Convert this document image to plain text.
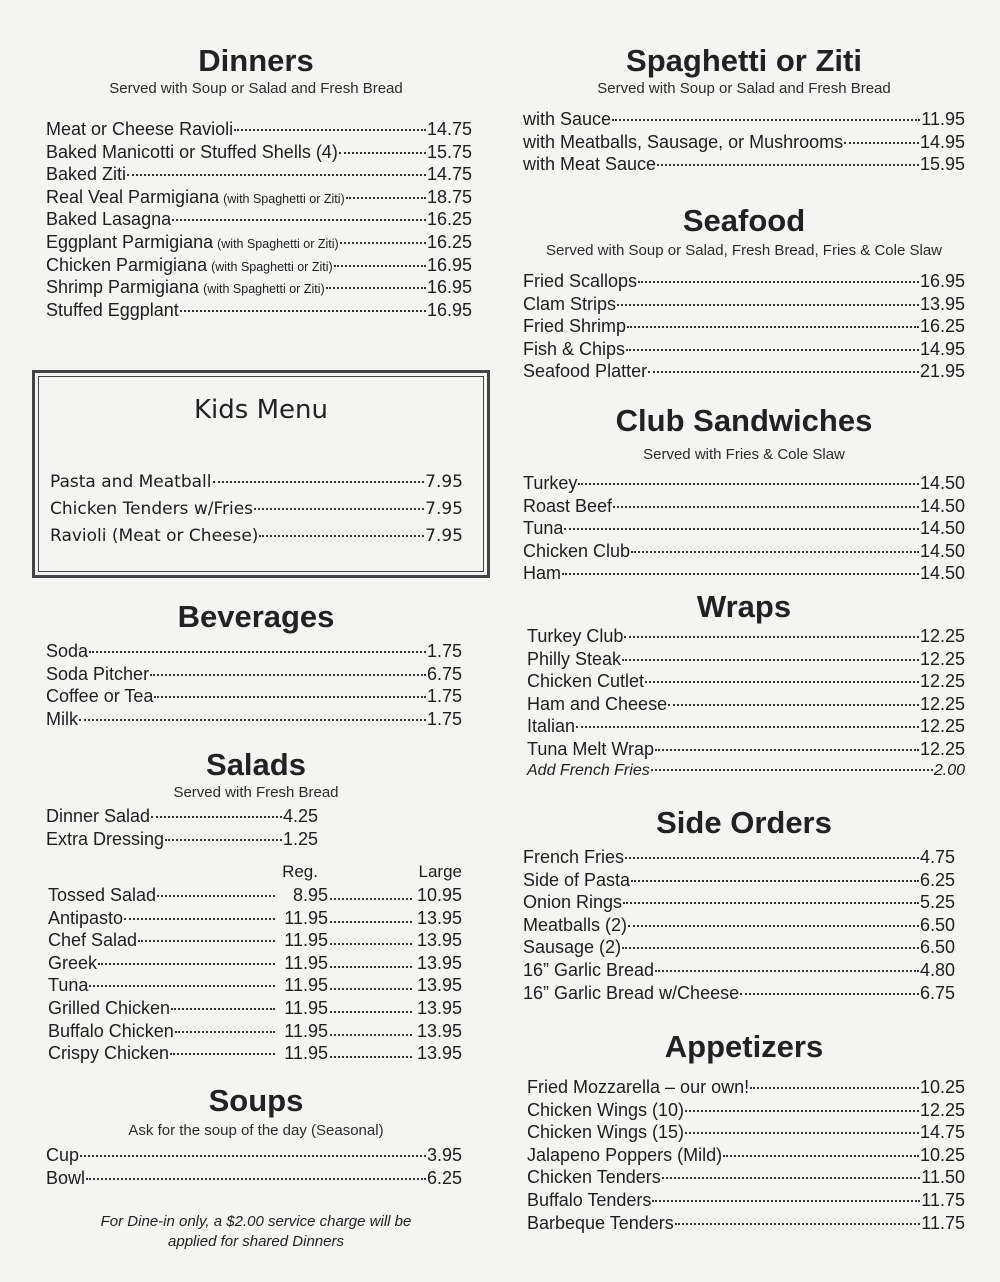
Dinners

Served with Soup or Salad and Fresh Bread

Meat or Cheese Ravioli	14.75
Baked Manicotti or Stuffed Shells (4)	15.75
Baked Ziti	14.75
Real Veal Parmigiana (with Spaghetti or Ziti)	18.75
Baked Lasagna	16.25
Eggplant Parmigiana (with Spaghetti or Ziti)	16.25
Chicken Parmigiana (with Spaghetti or Ziti)	16.95
Shrimp Parmigiana (with Spaghetti or Ziti)	16.95
Stuffed Eggplant	16.95
Kids Menu
Pasta and Meatball	7.95
Chicken Tenders w/Fries	7.95
Ravioli (Meat or Cheese)	7.95
Beverages
Soda	1.75
Soda Pitcher	6.75
Coffee or Tea	1.75
Milk	1.75
Salads

Served with Fresh Bread

Dinner Salad	4.25
Extra Dressing	1.25
Reg.	Large
Tossed Salad	8.95	10.95
Antipasto	11.95	13.95
Chef Salad	11.95	13.95
Greek	11.95	13.95
Tuna	11.95	13.95
Grilled Chicken	11.95	13.95
Buffalo Chicken	11.95	13.95
Crispy Chicken	11.95	13.95
Soups

Ask for the soup of the day (Seasonal)

Cup	3.95
Bowl	6.25
For Dine-in only, a $2.00 service charge will be
applied for shared Dinners
Spaghetti or Ziti

Served with Soup or Salad and Fresh Bread

with Sauce	11.95
with Meatballs, Sausage, or Mushrooms	14.95
with Meat Sauce	15.95
Seafood

Served with Soup or Salad, Fresh Bread, Fries & Cole Slaw

Fried Scallops	16.95
Clam Strips	13.95
Fried Shrimp	16.25
Fish & Chips	14.95
Seafood Platter	21.95
Club Sandwiches

Served with Fries & Cole Slaw

Turkey	14.50
Roast Beef	14.50
Tuna	14.50
Chicken Club	14.50
Ham	14.50
Wraps
Turkey Club	12.25
Philly Steak	12.25
Chicken Cutlet	12.25
Ham and Cheese	12.25
Italian	12.25
Tuna Melt Wrap	12.25
Add French Fries	2.00
Side Orders
French Fries	4.75
Side of Pasta	6.25
Onion Rings	5.25
Meatballs (2)	6.50
Sausage (2)	6.50
16” Garlic Bread	4.80
16” Garlic Bread w/Cheese	6.75
Appetizers
Fried Mozzarella – our own!	10.25
Chicken Wings (10)	12.25
Chicken Wings (15)	14.75
Jalapeno Poppers (Mild)	10.25
Chicken Tenders	11.50
Buffalo Tenders	11.75
Barbeque Tenders	11.75
